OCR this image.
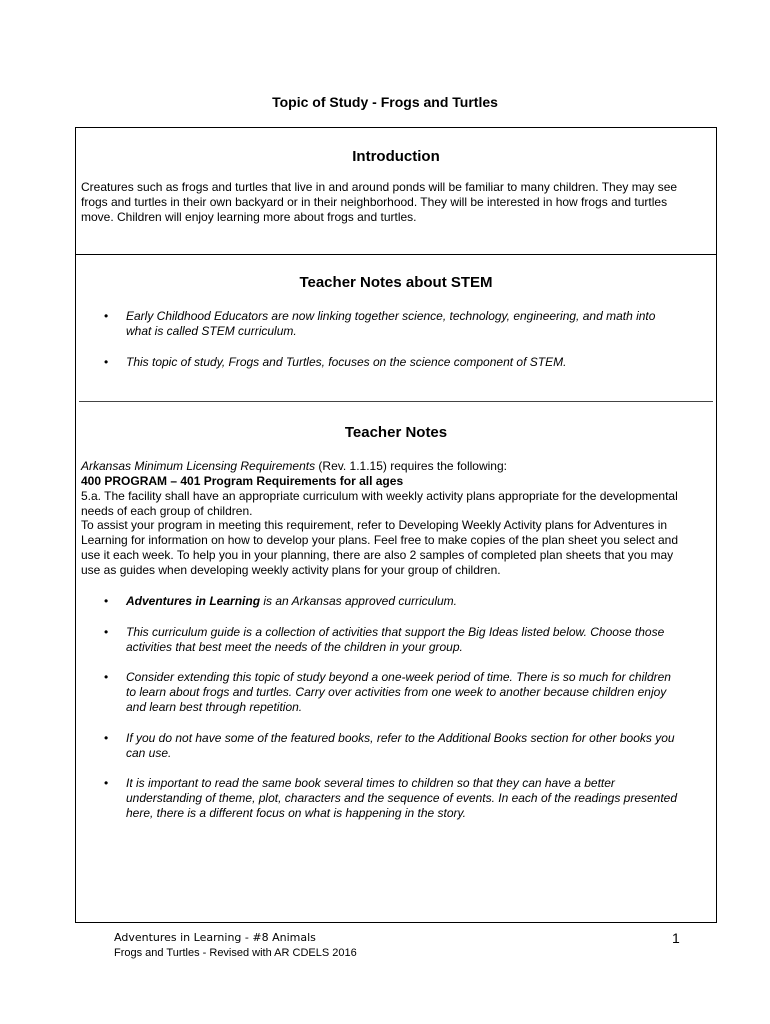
Topic of Study - Frogs and Turtles
Introduction
Creatures such as frogs and turtles that live in and around ponds will be familiar to many children. They may see
frogs and turtles in their own backyard or in their neighborhood. They will be interested in how frogs and turtles
move. Children will enjoy learning more about frogs and turtles.
Teacher Notes about STEM
• Early Childhood Educators are now linking together science, technology, engineering, and math into
what is called STEM curriculum.
• This topic of study, Frogs and Turtles, focuses on the science component of STEM.
Teacher Notes
Arkansas Minimum Licensing Requirements (Rev. 1.1.15) requires the following:
400 PROGRAM – 401 Program Requirements for all ages
5.a. The facility shall have an appropriate curriculum with weekly activity plans appropriate for the developmental
needs of each group of children.
To assist your program in meeting this requirement, refer to Developing Weekly Activity plans for Adventures in
Learning for information on how to develop your plans. Feel free to make copies of the plan sheet you select and
use it each week. To help you in your planning, there are also 2 samples of completed plan sheets that you may
use as guides when developing weekly activity plans for your group of children.
• Adventures in Learning is an Arkansas approved curriculum.
• This curriculum guide is a collection of activities that support the Big Ideas listed below. Choose those
activities that best meet the needs of the children in your group.
• Consider extending this topic of study beyond a one-week period of time. There is so much for children
to learn about frogs and turtles. Carry over activities from one week to another because children enjoy
and learn best through repetition.
• If you do not have some of the featured books, refer to the Additional Books section for other books you
can use.
• It is important to read the same book several times to children so that they can have a better
understanding of theme, plot, characters and the sequence of events. In each of the readings presented
here, there is a different focus on what is happening in the story.
Adventures in Learning - #8 Animals
Frogs and Turtles - Revised with AR CDELS 2016
1
